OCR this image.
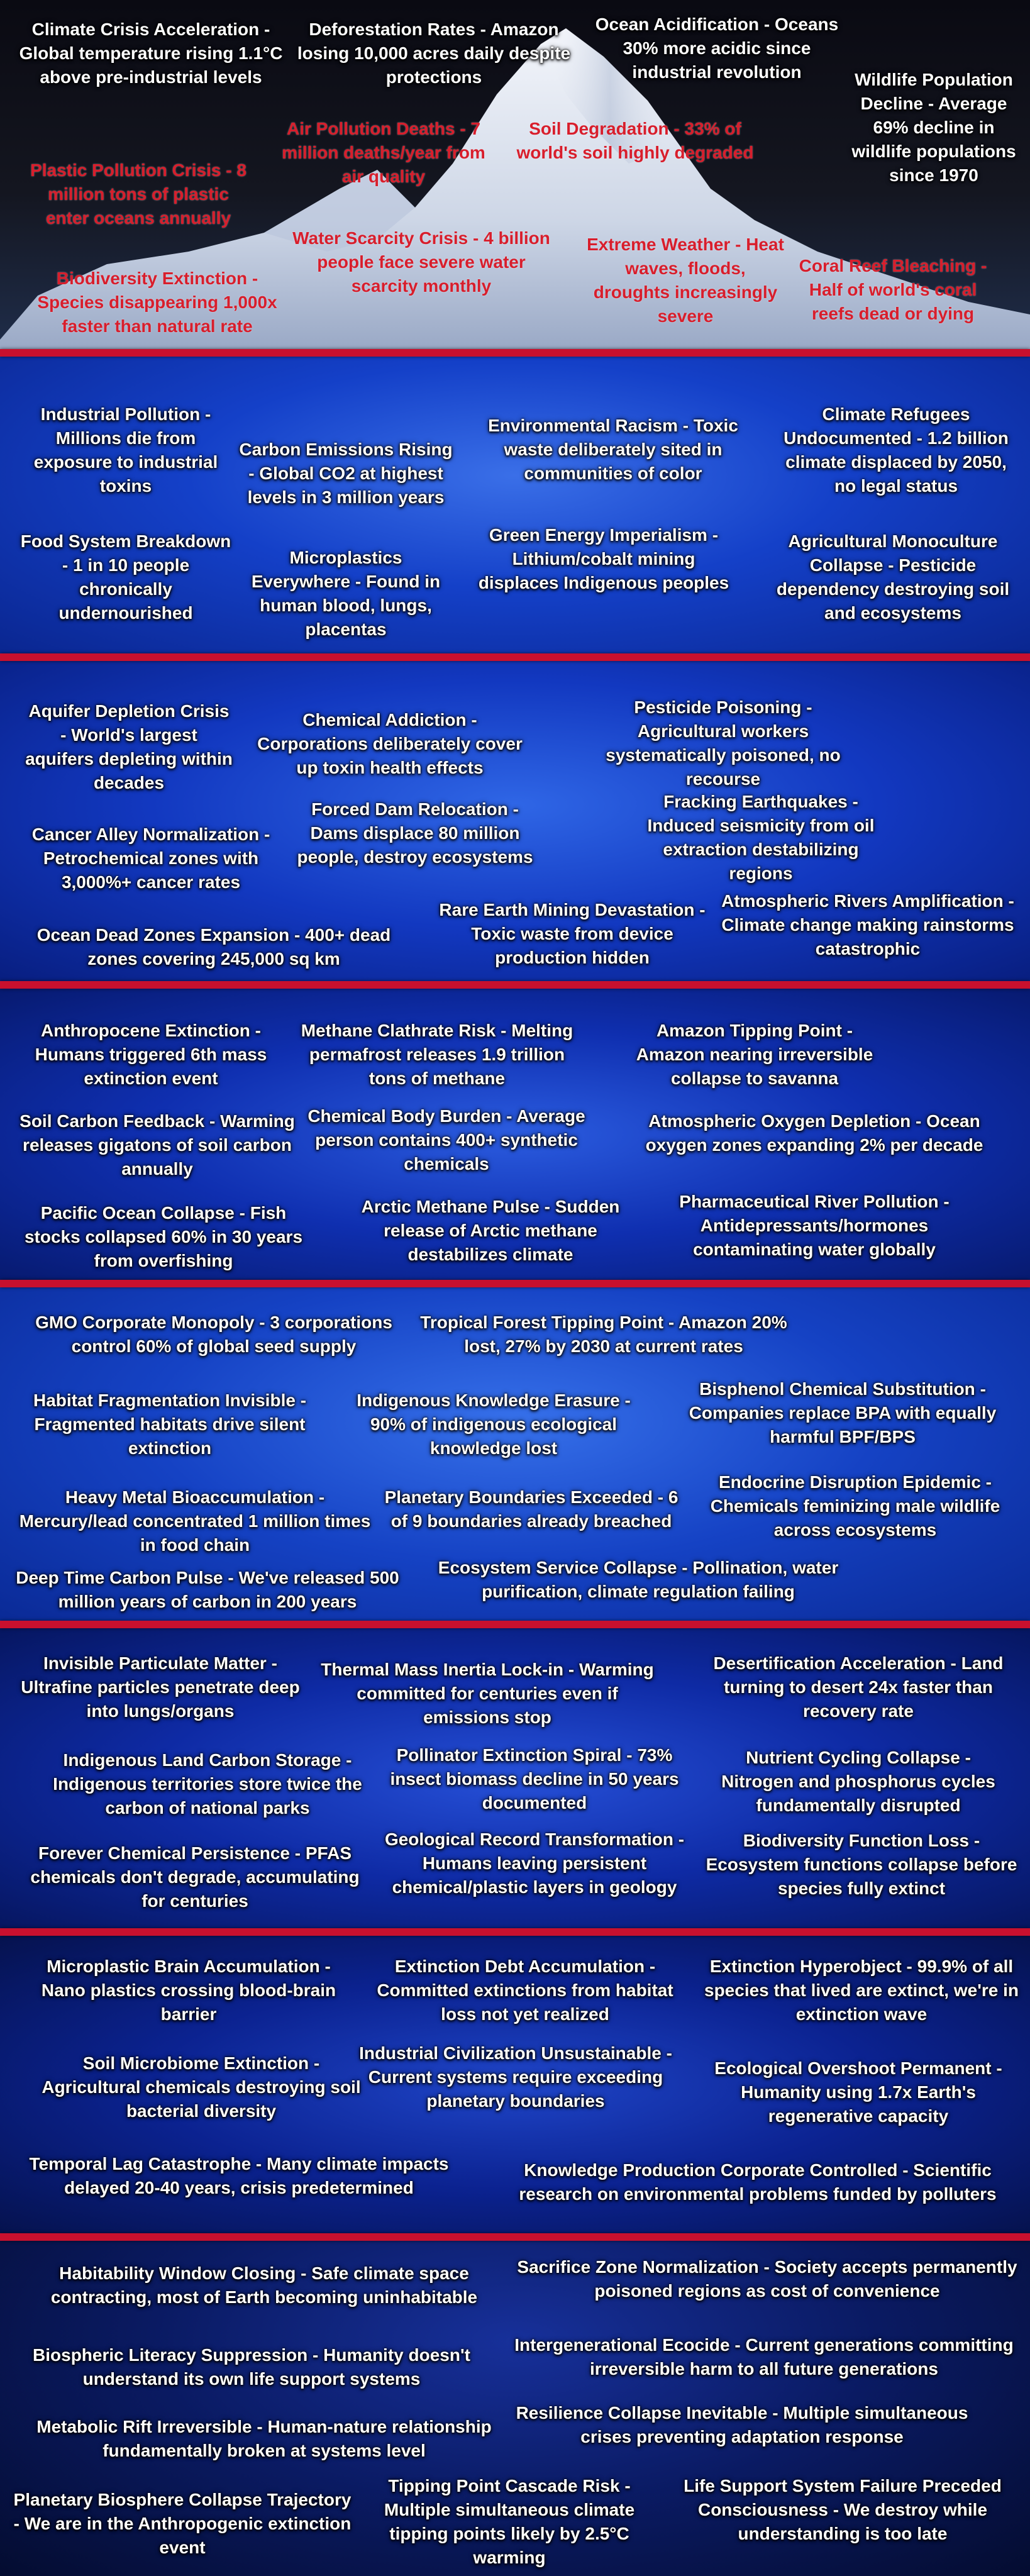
Climate Crisis Acceleration - Global temperature rising 1.1°C above pre-industrial levels
Deforestation Rates - Amazon losing 10,000 acres daily despite protections
Ocean Acidification - Oceans 30% more acidic since industrial revolution	Wildlife Population Decline - Average 69% decline in wildlife populations since 1970
Air Pollution Deaths - 7 million deaths/year from air quality
Soil Degradation - 33% of world's soil highly degraded
Plastic Pollution Crisis - 8 million tons of plastic enter oceans annually
Water Scarcity Crisis - 4 billion people face severe water scarcity monthly
Extreme Weather - Heat waves, floods, droughts increasingly severe
Coral Reef Bleaching - Half of world's coral reefs dead or dying
Biodiversity Extinction - Species disappearing 1,000x faster than natural rate
Industrial Pollution - Millions die from exposure to industrial toxins
Carbon Emissions Rising - Global CO2 at highest levels in 3 million years
Environmental Racism - Toxic waste deliberately sited in communities of color
Climate Refugees Undocumented - 1.2 billion climate displaced by 2050, no legal status
Food System Breakdown - 1 in 10 people chronically undernourished
Microplastics Everywhere - Found in human blood, lungs, placentas
Green Energy Imperialism - Lithium/cobalt mining displaces Indigenous peoples
Agricultural Monoculture Collapse - Pesticide dependency destroying soil and ecosystems
Aquifer Depletion Crisis - World's largest aquifers depleting within decades
Chemical Addiction - Corporations deliberately cover up toxin health effects
Pesticide Poisoning - Agricultural workers systematically poisoned, no recourse
Forced Dam Relocation - Dams displace 80 million people, destroy ecosystems
Fracking Earthquakes - Induced seismicity from oil extraction destabilizing regions
Cancer Alley Normalization - Petrochemical zones with 3,000%+ cancer rates
Atmospheric Rivers Amplification - Climate change making rainstorms catastrophic
Rare Earth Mining Devastation - Toxic waste from device production hidden
Ocean Dead Zones Expansion - 400+ dead zones covering 245,000 sq km
Anthropocene Extinction - Humans triggered 6th mass extinction event
Methane Clathrate Risk - Melting permafrost releases 1.9 trillion tons of methane
Amazon Tipping Point - Amazon nearing irreversible collapse to savanna
Soil Carbon Feedback - Warming releases gigatons of soil carbon annually
Chemical Body Burden - Average person contains 400+ synthetic chemicals
Atmospheric Oxygen Depletion - Ocean oxygen zones expanding 2% per decade
Pacific Ocean Collapse - Fish stocks collapsed 60% in 30 years from overfishing
Arctic Methane Pulse - Sudden release of Arctic methane destabilizes climate
Pharmaceutical River Pollution - Antidepressants/hormones contaminating water globally
GMO Corporate Monopoly - 3 corporations control 60% of global seed supply
Tropical Forest Tipping Point - Amazon 20% lost, 27% by 2030 at current rates
Habitat Fragmentation Invisible - Fragmented habitats drive silent extinction
Indigenous Knowledge Erasure - 90% of indigenous ecological knowledge lost
Bisphenol Chemical Substitution - Companies replace BPA with equally harmful BPF/BPS
Heavy Metal Bioaccumulation - Mercury/lead concentrated 1 million times in food chain
Planetary Boundaries Exceeded - 6 of 9 boundaries already breached
Endocrine Disruption Epidemic - Chemicals feminizing male wildlife across ecosystems
Deep Time Carbon Pulse - We've released 500 million years of carbon in 200 years
Ecosystem Service Collapse - Pollination, water purification, climate regulation failing
Invisible Particulate Matter - Ultrafine particles penetrate deep into lungs/organs
Thermal Mass Inertia Lock-in - Warming committed for centuries even if emissions stop
Desertification Acceleration - Land turning to desert 24x faster than recovery rate
Indigenous Land Carbon Storage - Indigenous territories store twice the carbon of national parks
Pollinator Extinction Spiral - 73% insect biomass decline in 50 years documented
Nutrient Cycling Collapse - Nitrogen and phosphorus cycles fundamentally disrupted
Forever Chemical Persistence - PFAS chemicals don't degrade, accumulating for centuries
Geological Record Transformation - Humans leaving persistent chemical/plastic layers in geology
Biodiversity Function Loss - Ecosystem functions collapse before species fully extinct
Microplastic Brain Accumulation - Nano plastics crossing blood-brain barrier
Extinction Debt Accumulation - Committed extinctions from habitat loss not yet realized
Extinction Hyperobject - 99.9% of all species that lived are extinct, we're in extinction wave
Soil Microbiome Extinction - Agricultural chemicals destroying soil bacterial diversity
Industrial Civilization Unsustainable - Current systems require exceeding planetary boundaries
Ecological Overshoot Permanent - Humanity using 1.7x Earth's regenerative capacity
Temporal Lag Catastrophe - Many climate impacts delayed 20-40 years, crisis predetermined
Knowledge Production Corporate Controlled - Scientific research on environmental problems funded by polluters
Habitability Window Closing - Safe climate space contracting, most of Earth becoming uninhabitable
Sacrifice Zone Normalization - Society accepts permanently poisoned regions as cost of convenience
Biospheric Literacy Suppression - Humanity doesn't understand its own life support systems
Intergenerational Ecocide - Current generations committing irreversible harm to all future generations
Metabolic Rift Irreversible - Human-nature relationship fundamentally broken at systems level
Resilience Collapse Inevitable - Multiple simultaneous crises preventing adaptation response
Planetary Biosphere Collapse Trajectory - We are in the Anthropogenic extinction event
Tipping Point Cascade Risk - Multiple simultaneous climate tipping points likely by 2.5°C warming
Life Support System Failure Preceded Consciousness - We destroy while understanding is too late
